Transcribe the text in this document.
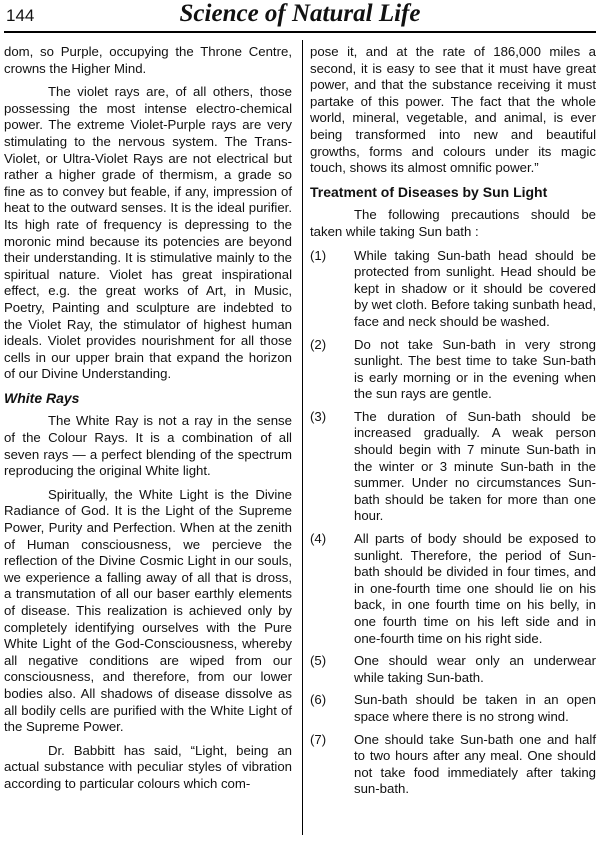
144	Science of Natural Life

dom, so Purple, occupying the Throne Centre, crowns the Higher Mind.

The violet rays are, of all others, those possessing the most intense electro-chemical power. The extreme Violet-Purple rays are very stimulating to the nervous system. The Trans-Violet, or Ultra-Violet Rays are not electrical but rather a higher grade of thermism, a grade so fine as to convey but feable, if any, impression of heat to the outward senses. It is the ideal purifier. Its high rate of frequency is depressing to the moronic mind because its potencies are beyond their understanding. It is stimulative mainly to the spiritual nature. Violet has great inspirational effect, e.g. the great works of Art, in Music, Poetry, Painting and sculpture are indebted to the Violet Ray, the stimulator of highest human ideals. Violet provides nourishment for all those cells in our upper brain that expand the horizon of our Divine Understanding.

White Rays

The White Ray is not a ray in the sense of the Colour Rays. It is a combination of all seven rays — a perfect blending of the spectrum reproducing the original White light.

Spiritually, the White Light is the Divine Radiance of God. It is the Light of the Supreme Power, Purity and Perfection. When at the zenith of Human consciousness, we percieve the reflection of the Divine Cosmic Light in our souls, we experience a falling away of all that is dross, a transmutation of all our baser earthly elements of disease. This realization is achieved only by completely identifying ourselves with the Pure White Light of the God-Consciousness, whereby all negative conditions are wiped from our consciousness, and therefore, from our lower bodies also. All shadows of disease dissolve as all bodily cells are purified with the White Light of the Supreme Power.

Dr. Babbitt has said, “Light, being an actual substance with peculiar styles of vibration according to particular colours which com-

pose it, and at the rate of 186,000 miles a second, it is easy to see that it must have great power, and that the substance receiving it must partake of this power. The fact that the whole world, mineral, vegetable, and animal, is ever being transformed into new and beautiful growths, forms and colours under its magic touch, shows its almost omnific power.”

Treatment of Diseases by Sun Light

The following precautions should be taken while taking Sun bath :

(1) While taking Sun-bath head should be protected from sunlight. Head should be kept in shadow or it should be covered by wet cloth. Before taking sunbath head, face and neck should be washed.
(2) Do not take Sun-bath in very strong sunlight. The best time to take Sun-bath is early morning or in the evening when the sun rays are gentle.
(3) The duration of Sun-bath should be increased gradually. A weak person should begin with 7 minute Sun-bath in the winter or 3 minute Sun-bath in the summer. Under no circumstances Sun-bath should be taken for more than one hour.
(4) All parts of body should be exposed to sunlight. Therefore, the period of Sun-bath should be divided in four times, and in one-fourth time one should lie on his back, in one fourth time on his belly, in one fourth time on his left side and in one-fourth time on his right side.
(5) One should wear only an underwear while taking Sun-bath.
(6) Sun-bath should be taken in an open space where there is no strong wind.
(7) One should take Sun-bath one and half to two hours after any meal. One should not take food immediately after taking sun-bath.
